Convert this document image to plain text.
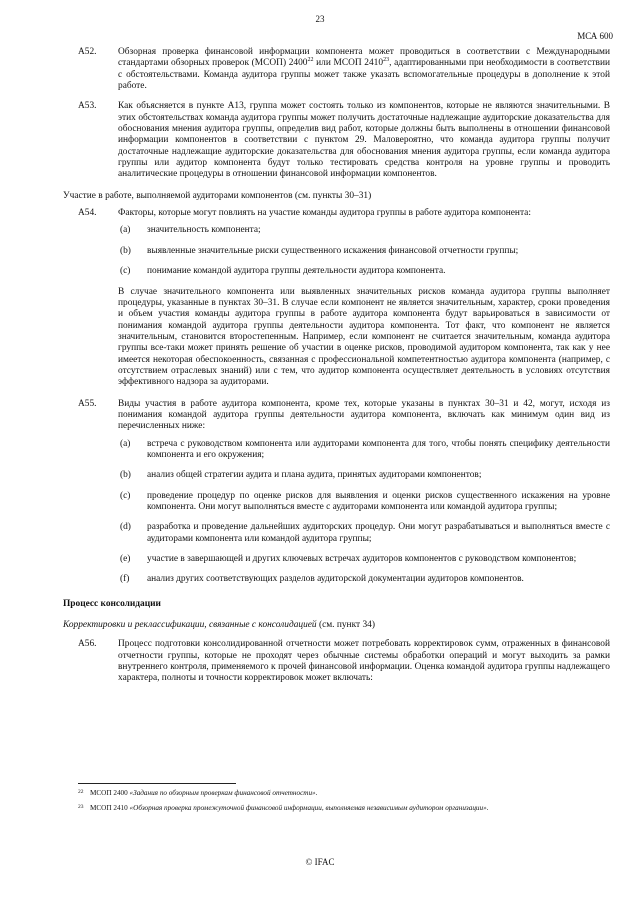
23
МСА 600
A52. Обзорная проверка финансовой информации компонента может проводиться в соответствии с Международными стандартами обзорных проверок (МСОП) 2400$^{22}$ или МСОП 2410$^{23}$, адаптированными при необходимости в соответствии с обстоятельствами. Команда аудитора группы может также указать вспомогательные процедуры в дополнение к этой работе.
A53. Как объясняется в пункте A13, группа может состоять только из компонентов, которые не являются значительными. В этих обстоятельствах команда аудитора группы может получить достаточные надлежащие аудиторские доказательства для обоснования мнения аудитора группы, определив вид работ, которые должны быть выполнены в отношении финансовой информации компонентов в соответствии с пунктом 29. Маловероятно, что команда аудитора группы получит достаточные надлежащие аудиторские доказательства для обоснования мнения аудитора группы, если команда аудитора группы или аудитор компонента будут только тестировать средства контроля на уровне группы и проводить аналитические процедуры в отношении финансовой информации компонентов.
Участие в работе, выполняемой аудиторами компонентов (см. пункты 30–31)
A54. Факторы, которые могут повлиять на участие команды аудитора группы в работе аудитора компонента:
(a) значительность компонента;
(b) выявленные значительные риски существенного искажения финансовой отчетности группы;
(c) понимание командой аудитора группы деятельности аудитора компонента.
В случае значительного компонента или выявленных значительных рисков команда аудитора группы выполняет процедуры, указанные в пунктах 30–31. В случае если компонент не является значительным, характер, сроки проведения и объем участия команды аудитора группы в работе аудитора компонента будут варьироваться в зависимости от понимания командой аудитора группы деятельности аудитора компонента. Тот факт, что компонент не является значительным, становится второстепенным. Например, если компонент не считается значительным, команда аудитора группы все-таки может принять решение об участии в оценке рисков, проводимой аудитором компонента, так как у нее имеется некоторая обеспокоенность, связанная с профессиональной компетентностью аудитора компонента (например, с отсутствием отраслевых знаний) или с тем, что аудитор компонента осуществляет деятельность в условиях отсутствия эффективного надзора за аудиторами.
A55. Виды участия в работе аудитора компонента, кроме тех, которые указаны в пунктах 30–31 и 42, могут, исходя из понимания командой аудитора группы деятельности аудитора компонента, включать как минимум один вид из перечисленных ниже:
(a) встреча с руководством компонента или аудиторами компонента для того, чтобы понять специфику деятельности компонента и его окружения;
(b) анализ общей стратегии аудита и плана аудита, принятых аудиторами компонентов;
(c) проведение процедур по оценке рисков для выявления и оценки рисков существенного искажения на уровне компонента. Они могут выполняться вместе с аудиторами компонента или командой аудитора группы;
(d) разработка и проведение дальнейших аудиторских процедур. Они могут разрабатываться и выполняться вместе с аудиторами компонента или командой аудитора группы;
(e) участие в завершающей и других ключевых встречах аудиторов компонентов с руководством компонентов;
(f) анализ других соответствующих разделов аудиторской документации аудиторов компонентов.
Процесс консолидации
Корректировки и реклассификации, связанные с консолидацией (см. пункт 34)
A56. Процесс подготовки консолидированной отчетности может потребовать корректировок сумм, отраженных в финансовой отчетности группы, которые не проходят через обычные системы обработки операций и могут выходить за рамки внутреннего контроля, применяемого к прочей финансовой информации. Оценка командой аудитора группы надлежащего характера, полноты и точности корректировок может включать:
22 МСОП 2400 «Задания по обзорным проверкам финансовой отчетности».
23 МСОП 2410 «Обзорная проверка промежуточной финансовой информации, выполняемая независимым аудитором организации».
© IFAC
